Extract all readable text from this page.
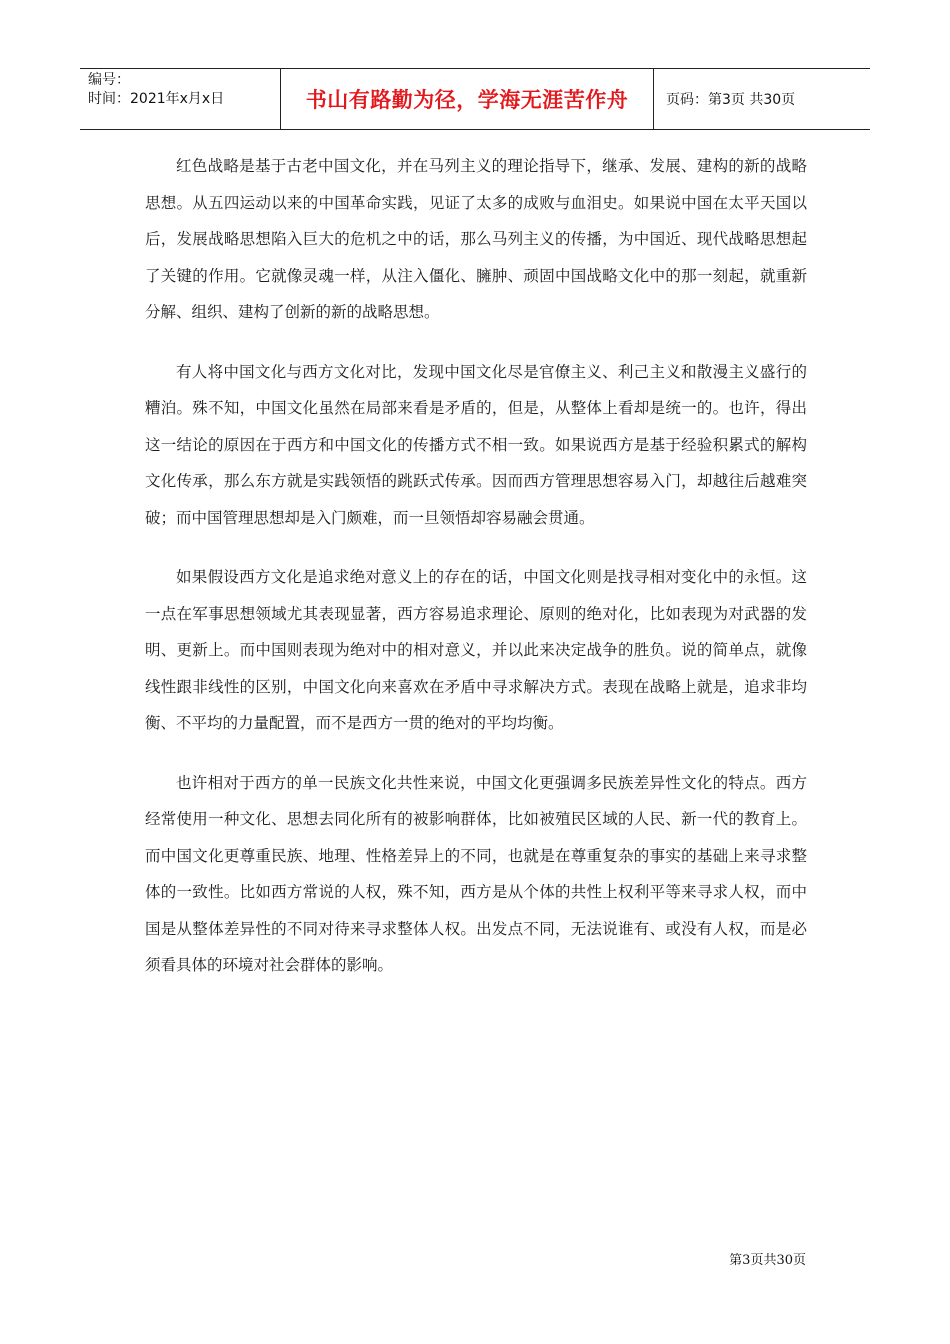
编号：
时间：2021年x月x日	书山有路勤为径，学海无涯苦作舟	页码：第3页 共30页

红色战略是基于古老中国文化，并在马列主义的理论指导下，继承、发展、建构的新的战略思想。从五四运动以来的中国革命实践，见证了太多的成败与血泪史。如果说中国在太平天国以后，发展战略思想陷入巨大的危机之中的话，那么马列主义的传播，为中国近、现代战略思想起了关键的作用。它就像灵魂一样，从注入僵化、臃肿、顽固中国战略文化中的那一刻起，就重新分解、组织、建构了创新的新的战略思想。

有人将中国文化与西方文化对比，发现中国文化尽是官僚主义、利己主义和散漫主义盛行的糟泊。殊不知，中国文化虽然在局部来看是矛盾的，但是，从整体上看却是统一的。也许，得出这一结论的原因在于西方和中国文化的传播方式不相一致。如果说西方是基于经验积累式的解构文化传承，那么东方就是实践领悟的跳跃式传承。因而西方管理思想容易入门，却越往后越难突破；而中国管理思想却是入门颇难，而一旦领悟却容易融会贯通。

如果假设西方文化是追求绝对意义上的存在的话，中国文化则是找寻相对变化中的永恒。这一点在军事思想领域尤其表现显著，西方容易追求理论、原则的绝对化，比如表现为对武器的发明、更新上。而中国则表现为绝对中的相对意义，并以此来决定战争的胜负。说的简单点，就像线性跟非线性的区别，中国文化向来喜欢在矛盾中寻求解决方式。表现在战略上就是，追求非均衡、不平均的力量配置，而不是西方一贯的绝对的平均均衡。

也许相对于西方的单一民族文化共性来说，中国文化更强调多民族差异性文化的特点。西方经常使用一种文化、思想去同化所有的被影响群体，比如被殖民区域的人民、新一代的教育上。而中国文化更尊重民族、地理、性格差异上的不同，也就是在尊重复杂的事实的基础上来寻求整体的一致性。比如西方常说的人权，殊不知，西方是从个体的共性上权利平等来寻求人权，而中国是从整体差异性的不同对待来寻求整体人权。出发点不同，无法说谁有、或没有人权，而是必须看具体的环境对社会群体的影响。

第3页共30页
